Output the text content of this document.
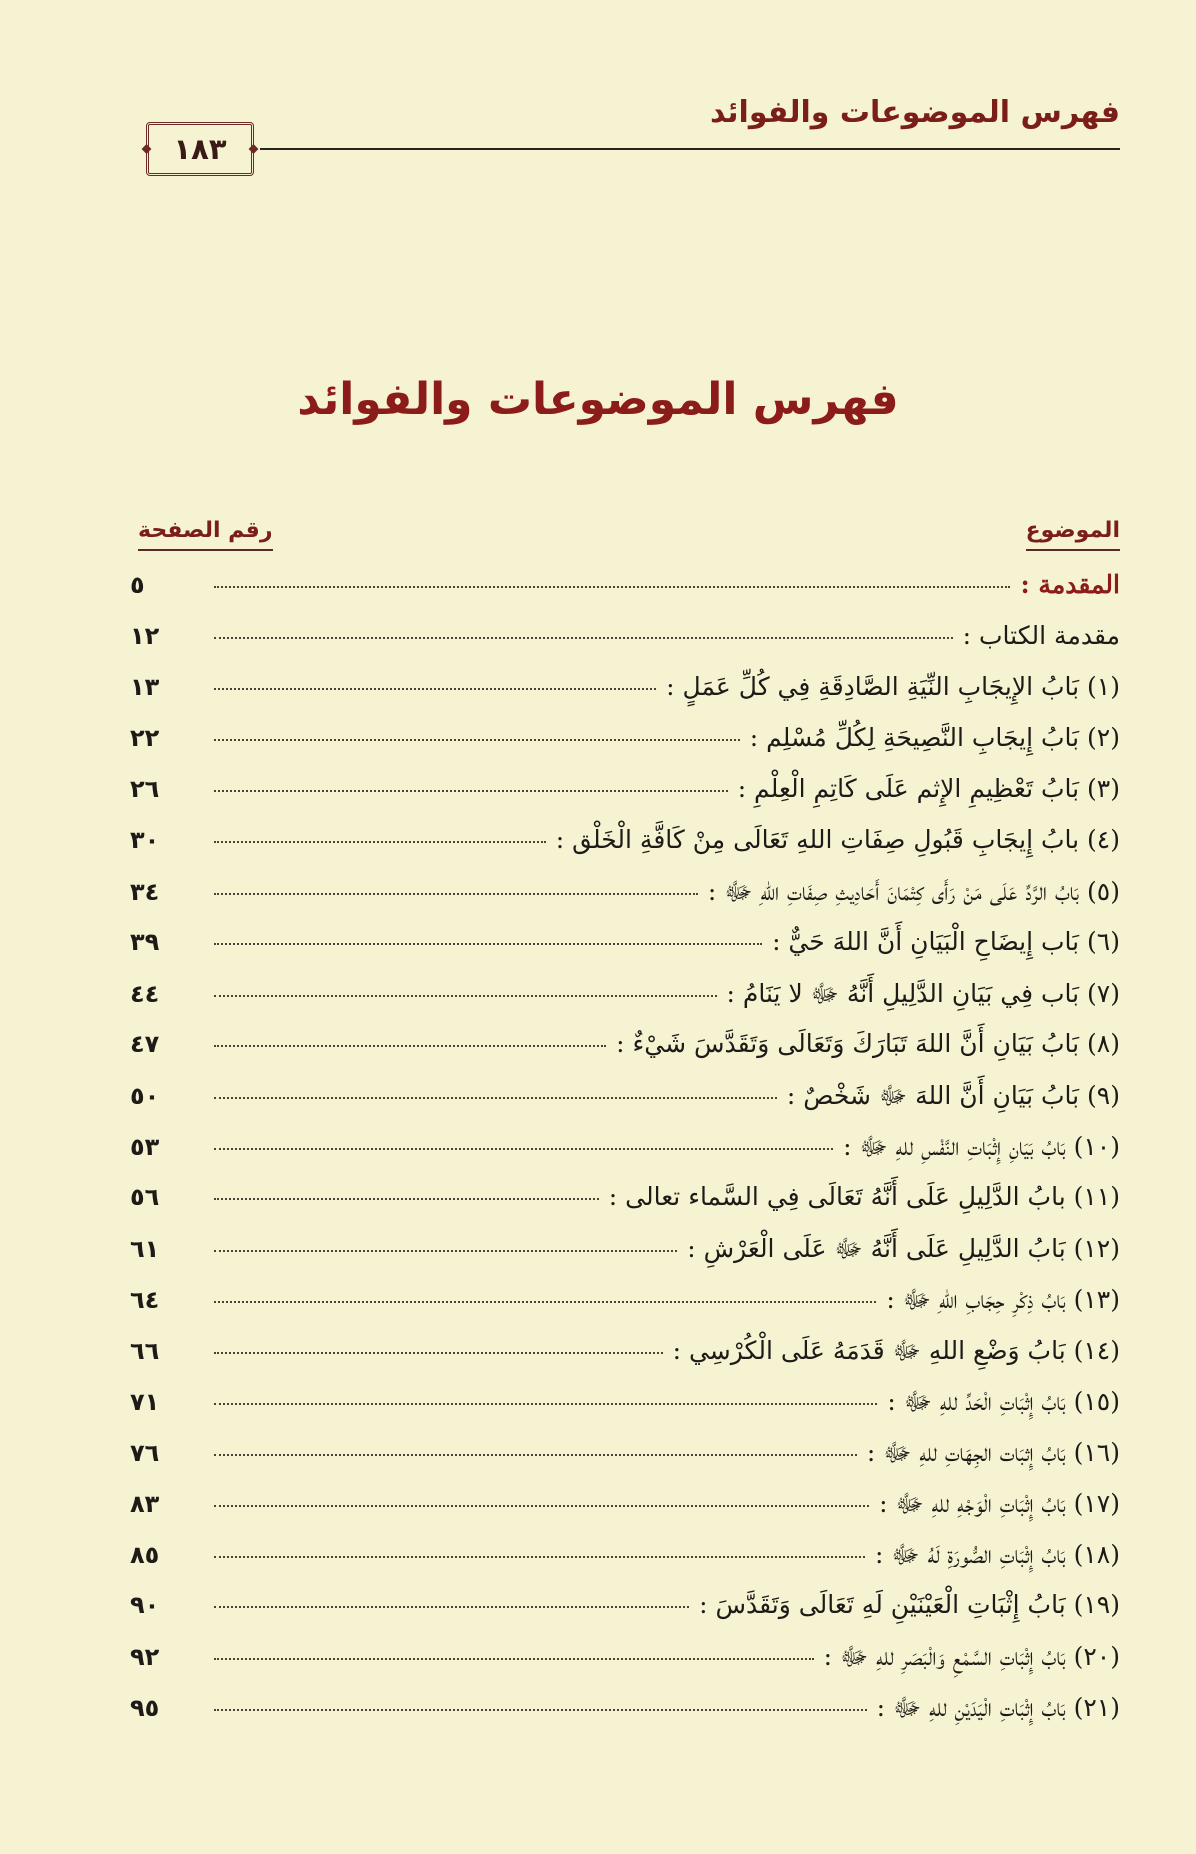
فهرس الموضوعات والفوائد
١٨٣
فهرس الموضوعات والفوائد
الموضوع
رقم الصفحة
المقدمة :
٥
مقدمة الكتاب :
١٢
(١) بَابُ الإِيجَابِ النِّيَةِ الصَّادِقَةِ فِي كُلِّ عَمَلٍ :
١٣
(٢) بَابُ إِيجَابِ النَّصِيحَةِ لِكُلِّ مُسْلِم :
٢٢
(٣) بَابُ تَعْظِيمِ الإِثم عَلَى كَاتِمِ الْعِلْمِ :
٢٦
(٤) بابُ إِيجَابِ قَبُولِ صِفَاتِ اللهِ تَعَالَى مِنْ كَافَّةِ الْخَلْق :
٣٠
(٥) بَابُ الرَّدِّ عَلَى مَنْ رَأَى كِتْمَانَ أَحَادِيثِ صِفَاتِ اللهِ ﷻ :
٣٤
(٦) بَاب إِيضَاحِ الْبَيَانِ أَنَّ اللهَ حَيٌّ :
٣٩
(٧) بَاب فِي بَيَانِ الدَّلِيلِ أَنَّهُ ﷻ لا يَنَامُ :
٤٤
(٨) بَابُ بَيَانِ أَنَّ اللهَ تَبَارَكَ وَتَعَالَى وَتَقَدَّسَ شَيْءٌ :
٤٧
(٩) بَابُ بَيَانِ أَنَّ اللهَ ﷻ شَخْصٌ :
٥٠
(١٠) بَابُ بَيَانِ إِثْبَاتِ النَّفْسِ للهِ ﷻ :
٥٣
(١١) بابُ الدَّلِيلِ عَلَى أَنَّهُ تَعَالَى فِي السَّماء تعالى :
٥٦
(١٢) بَابُ الدَّلِيلِ عَلَى أَنَّهُ ﷻ عَلَى الْعَرْشِ :
٦١
(١٣) بَابُ ذِكْرِ حِجَابِ اللهِ ﷻ :
٦٤
(١٤) بَابُ وَضْعِ اللهِ ﷻ قَدَمَهُ عَلَى الْكُرْسِي :
٦٦
(١٥) بَابُ إِثْبَاتِ الْحَدِّ للهِ ﷻ :
٧١
(١٦) بَابُ إِثبَات الجِهَاتِ للهِ ﷻ :
٧٦
(١٧) بَابُ إِثْبَاتِ الْوَجْهِ للهِ ﷻ :
٨٣
(١٨) بَابُ إِثْبَاتِ الصُّورَةِ لَهُ ﷻ :
٨٥
(١٩) بَابُ إِثْبَاتِ الْعَيْنَيْنِ لَهِ تَعَالَى وَتَقَدَّسَ :
٩٠
(٢٠) بَابُ إِثْبَاتِ السَّمْعِ وَالْبَصَرِ للهِ ﷻ :
٩٢
(٢١) بَابُ إِثْبَاتِ الْيَدَيْنِ للهِ ﷻ :
٩٥
